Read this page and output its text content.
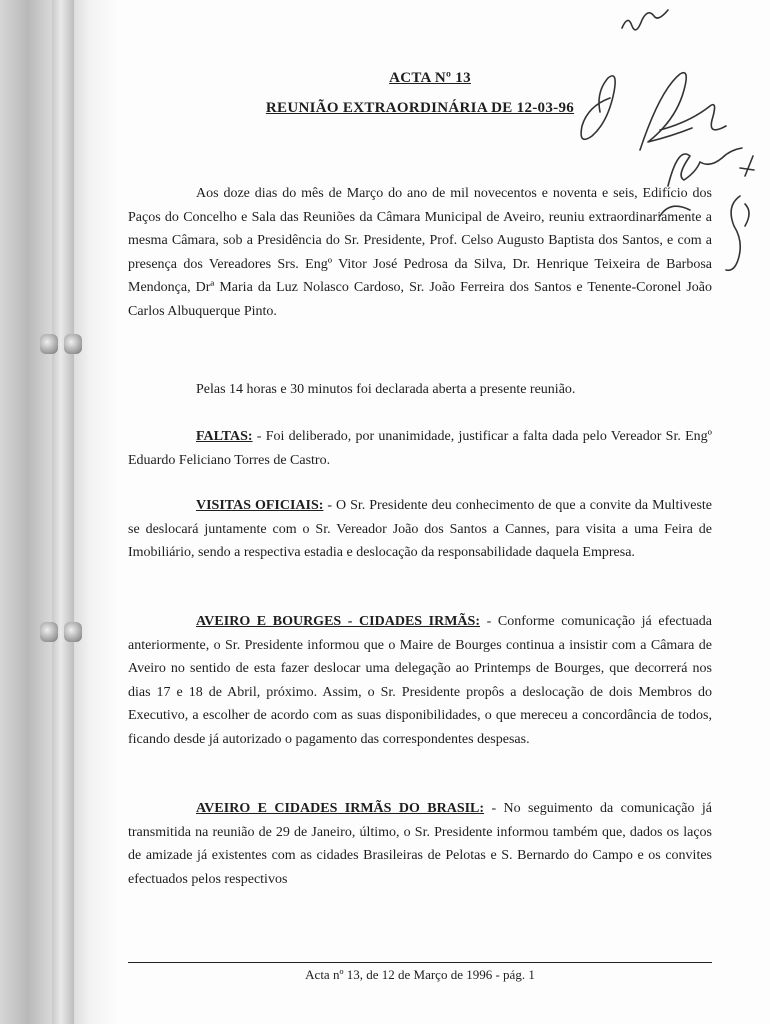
ACTA Nº 13
REUNIÃO EXTRAORDINÁRIA DE 12-03-96

Aos doze dias do mês de Março do ano de mil novecentos e noventa e seis, Edifício dos Paços do Concelho e Sala das Reuniões da Câmara Municipal de Aveiro, reuniu extraordinariamente a mesma Câmara, sob a Presidência do Sr. Presidente, Prof. Celso Augusto Baptista dos Santos, e com a presença dos Vereadores Srs. Engº Vitor José Pedrosa da Silva, Dr. Henrique Teixeira de Barbosa Mendonça, Drª Maria da Luz Nolasco Cardoso, Sr. João Ferreira dos Santos e Tenente-Coronel João Carlos Albuquerque Pinto.

Pelas 14 horas e 30 minutos foi declarada aberta a presente reunião.

FALTAS: - Foi deliberado, por unanimidade, justificar a falta dada pelo Vereador Sr. Engº Eduardo Feliciano Torres de Castro.

VISITAS OFICIAIS: - O Sr. Presidente deu conhecimento de que a convite da Multiveste se deslocará juntamente com o Sr. Vereador João dos Santos a Cannes, para visita a uma Feira de Imobiliário, sendo a respectiva estadia e deslocação da responsabilidade daquela Empresa.

AVEIRO E BOURGES - CIDADES IRMÃS: - Conforme comunicação já efectuada anteriormente, o Sr. Presidente informou que o Maire de Bourges continua a insistir com a Câmara de Aveiro no sentido de esta fazer deslocar uma delegação ao Printemps de Bourges, que decorrerá nos dias 17 e 18 de Abril, próximo. Assim, o Sr. Presidente propôs a deslocação de dois Membros do Executivo, a escolher de acordo com as suas disponibilidades, o que mereceu a concordância de todos, ficando desde já autorizado o pagamento das correspondentes despesas.

AVEIRO E CIDADES IRMÃS DO BRASIL: - No seguimento da comunicação já transmitida na reunião de 29 de Janeiro, último, o Sr. Presidente informou também que, dados os laços de amizade já existentes com as cidades Brasileiras de Pelotas e S. Bernardo do Campo e os convites efectuados pelos respectivos

Acta nº 13, de 12 de Março de 1996 - pág. 1
